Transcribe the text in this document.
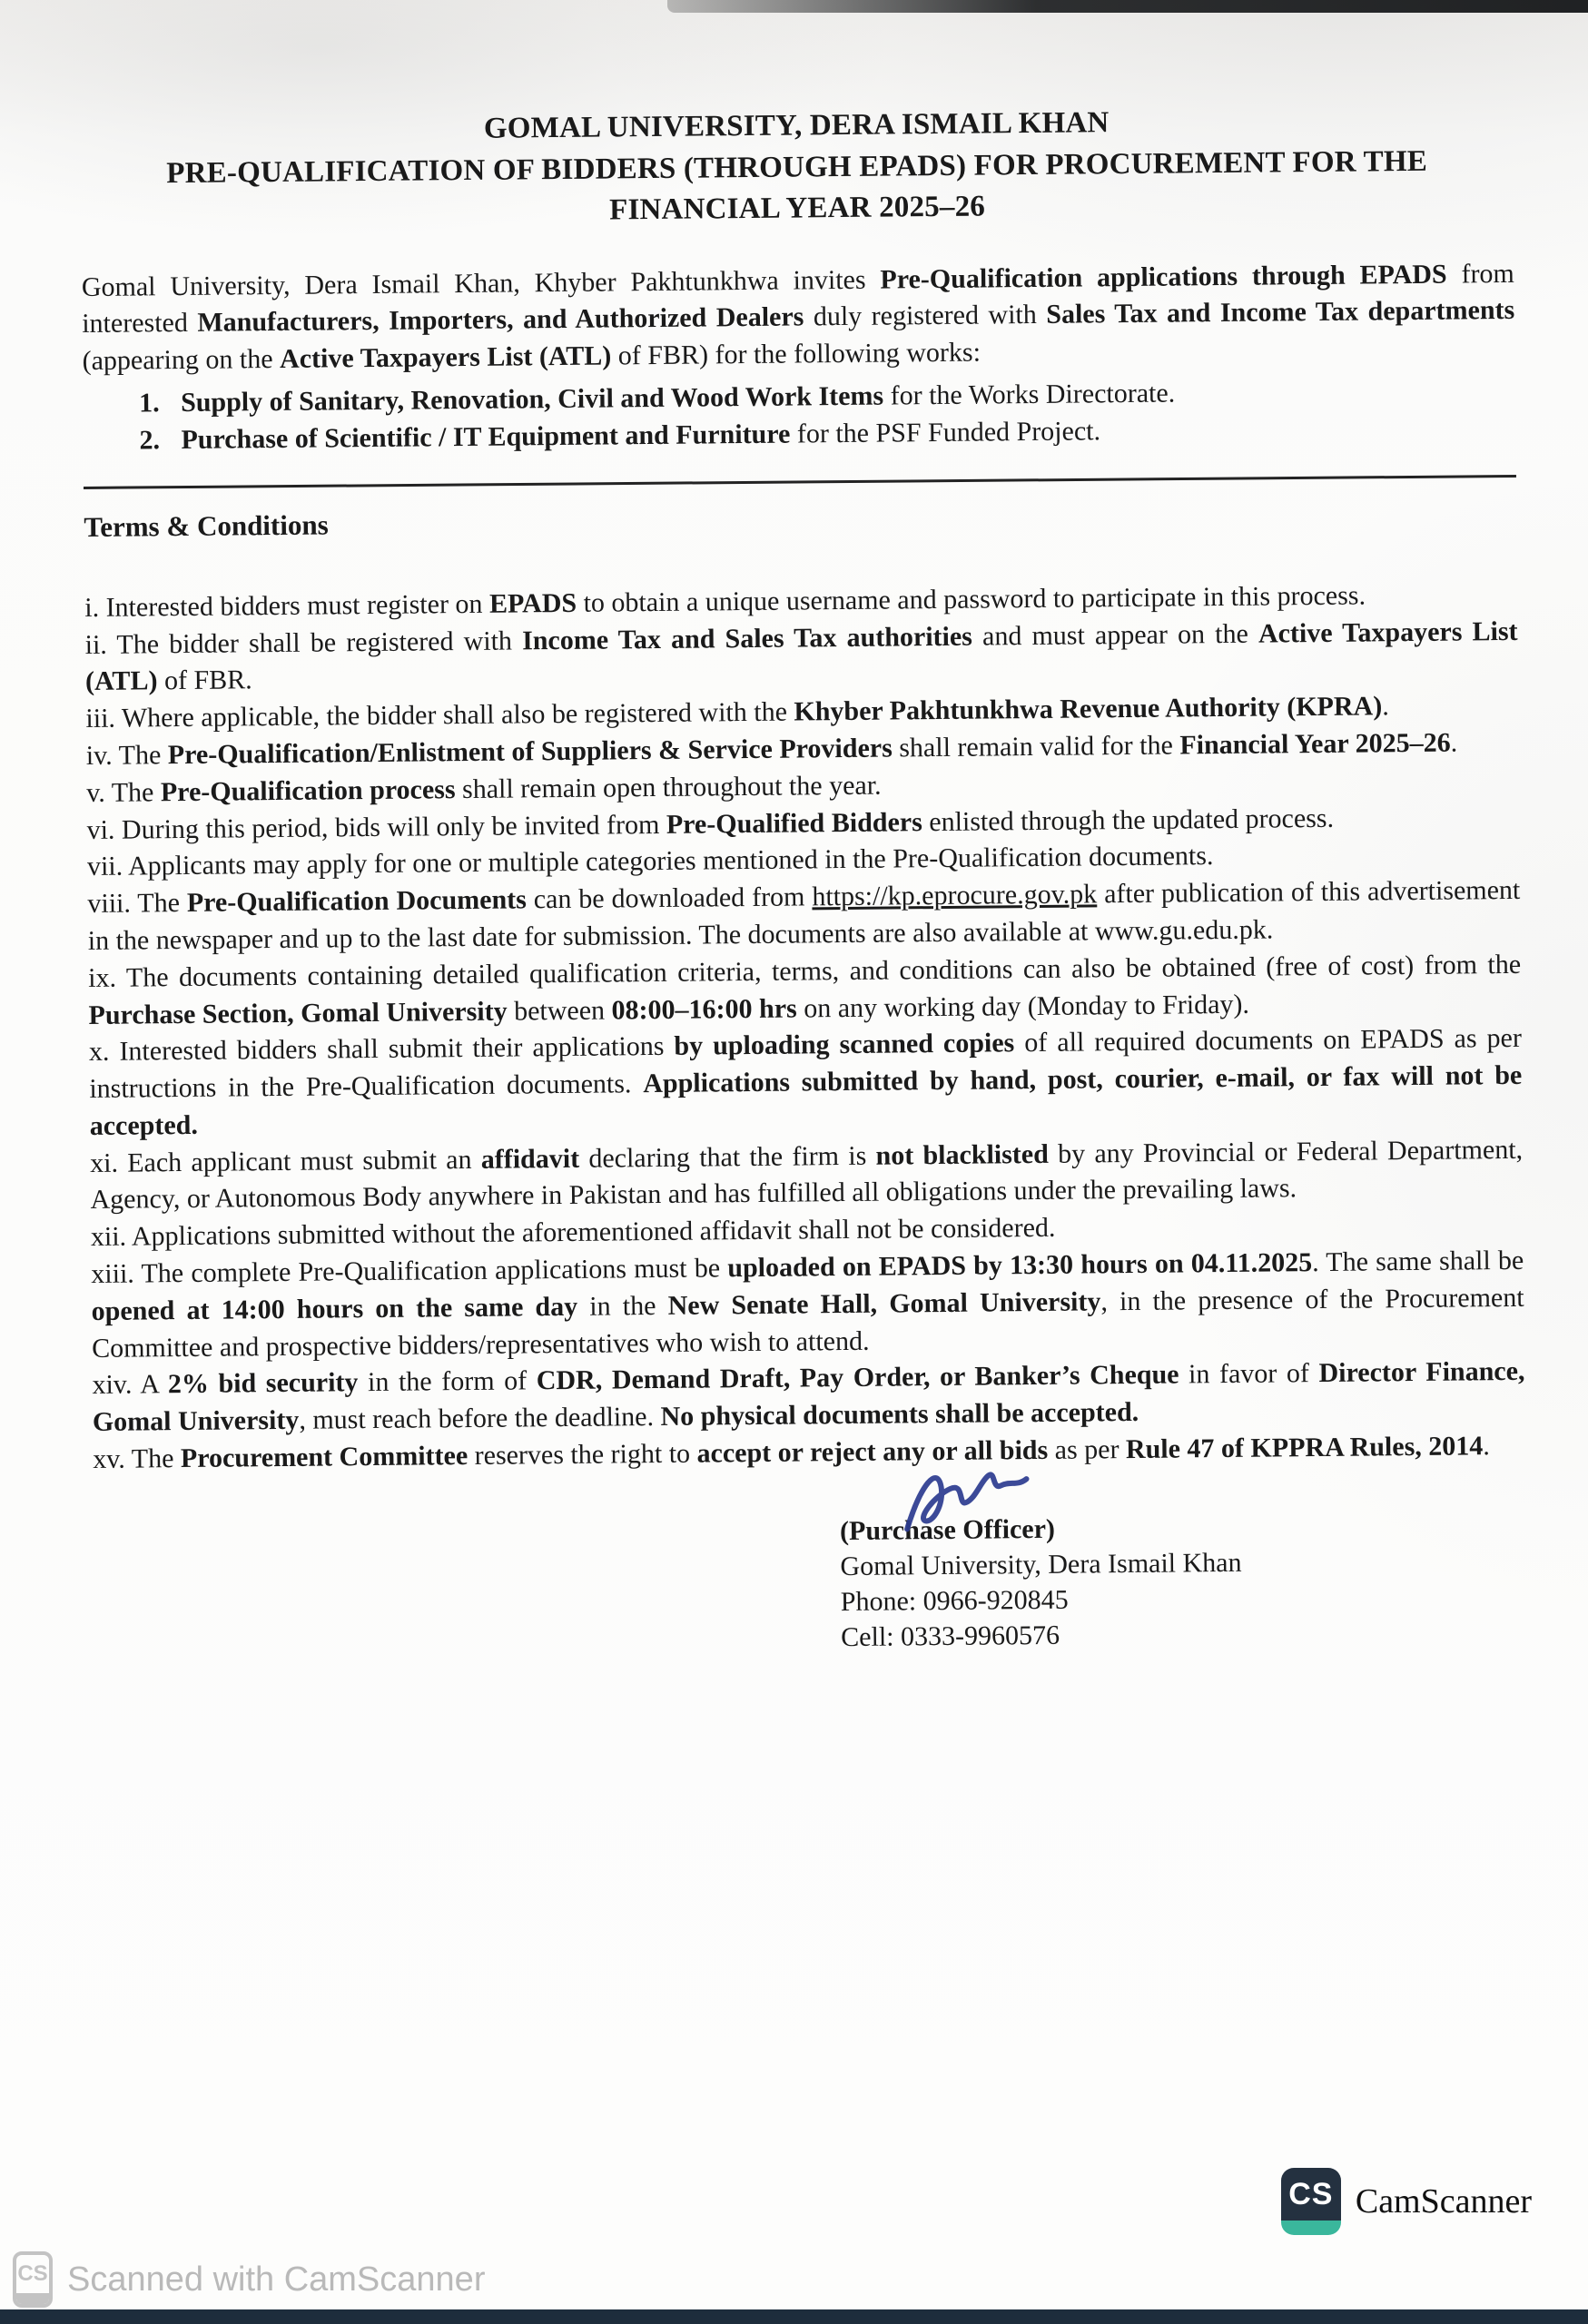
GOMAL UNIVERSITY, DERA ISMAIL KHAN
PRE-QUALIFICATION OF BIDDERS (THROUGH EPADS) FOR PROCUREMENT FOR THE
FINANCIAL YEAR 2025–26

Gomal University, Dera Ismail Khan, Khyber Pakhtunkhwa invites Pre-Qualification applications through EPADS from interested Manufacturers, Importers, and Authorized Dealers duly registered with Sales Tax and Income Tax departments (appearing on the Active Taxpayers List (ATL) of FBR) for the following works:

1. Supply of Sanitary, Renovation, Civil and Wood Work Items for the Works Directorate.
2. Purchase of Scientific / IT Equipment and Furniture for the PSF Funded Project.
Terms & Conditions

i. Interested bidders must register on EPADS to obtain a unique username and password to participate in this process.

ii. The bidder shall be registered with Income Tax and Sales Tax authorities and must appear on the Active Taxpayers List (ATL) of FBR.

iii. Where applicable, the bidder shall also be registered with the Khyber Pakhtunkhwa Revenue Authority (KPRA).

iv. The Pre-Qualification/Enlistment of Suppliers & Service Providers shall remain valid for the Financial Year 2025–26.

v. The Pre-Qualification process shall remain open throughout the year.

vi. During this period, bids will only be invited from Pre-Qualified Bidders enlisted through the updated process.

vii. Applicants may apply for one or multiple categories mentioned in the Pre-Qualification documents.

viii. The Pre-Qualification Documents can be downloaded from https://kp.eprocure.gov.pk after publication of this advertisement in the newspaper and up to the last date for submission. The documents are also available at www.gu.edu.pk.

ix. The documents containing detailed qualification criteria, terms, and conditions can also be obtained (free of cost) from the Purchase Section, Gomal University between 08:00–16:00 hrs on any working day (Monday to Friday).

x. Interested bidders shall submit their applications by uploading scanned copies of all required documents on EPADS as per instructions in the Pre-Qualification documents. Applications submitted by hand, post, courier, e-mail, or fax will not be accepted.

xi. Each applicant must submit an affidavit declaring that the firm is not blacklisted by any Provincial or Federal Department, Agency, or Autonomous Body anywhere in Pakistan and has fulfilled all obligations under the prevailing laws.

xii. Applications submitted without the aforementioned affidavit shall not be considered.

xiii. The complete Pre-Qualification applications must be uploaded on EPADS by 13:30 hours on 04.11.2025. The same shall be opened at 14:00 hours on the same day in the New Senate Hall, Gomal University, in the presence of the Procurement Committee and prospective bidders/representatives who wish to attend.

xiv. A 2% bid security in the form of CDR, Demand Draft, Pay Order, or Banker’s Cheque in favor of Director Finance, Gomal University, must reach before the deadline. No physical documents shall be accepted.

xv. The Procurement Committee reserves the right to accept or reject any or all bids as per Rule 47 of KPPRA Rules, 2014.

(Purchase Officer)
Gomal University, Dera Ismail Khan
Phone: 0966-920845
Cell: 0333-9960576
CS CamScanner
CS Scanned with CamScanner
